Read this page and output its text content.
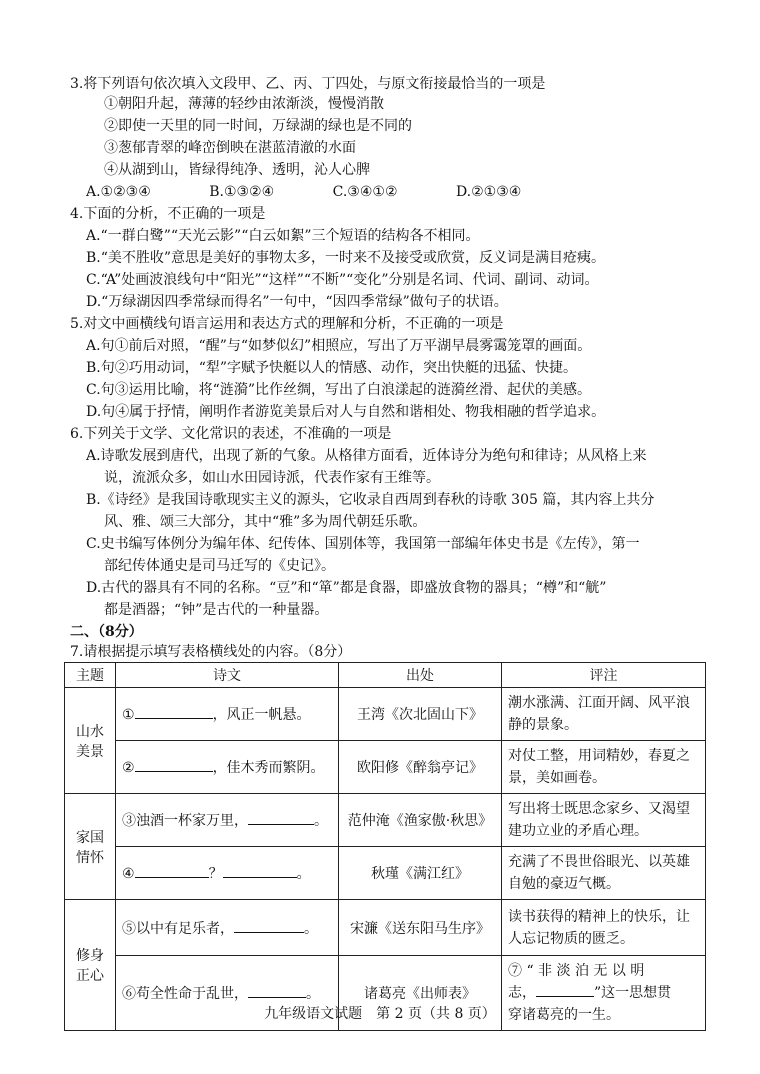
3.将下列语句依次填入文段甲、乙、丙、丁四处，与原文衔接最恰当的一项是
①朝阳升起，薄薄的轻纱由浓渐淡，慢慢消散
②即使一天里的同一时间，万绿湖的绿也是不同的
③葱郁青翠的峰峦倒映在湛蓝清澈的水面
④从湖到山，皆绿得纯净、透明，沁人心脾
A.①②③④	B.①③②④	C.③④①②	D.②①③④
4.下面的分析，不正确的一项是
A.“一群白鹭”“天光云影”“白云如絮”三个短语的结构各不相同。
B.“美不胜收”意思是美好的事物太多，一时来不及接受或欣赏，反义词是满目疮痍。
C.“A”处画波浪线句中“阳光”“这样”“不断”“变化”分别是名词、代词、副词、动词。
D.“万绿湖因四季常绿而得名”一句中，“因四季常绿”做句子的状语。
5.对文中画横线句语言运用和表达方式的理解和分析，不正确的一项是
A.句①前后对照，“醒”与“如梦似幻”相照应，写出了万平湖早晨雾霭笼罩的画面。
B.句②巧用动词，“犁”字赋予快艇以人的情感、动作，突出快艇的迅猛、快捷。
C.句③运用比喻，将“涟漪”比作丝绸，写出了白浪漾起的涟漪丝滑、起伏的美感。
D.句④属于抒情，阐明作者游览美景后对人与自然和谐相处、物我相融的哲学追求。
6.下列关于文学、文化常识的表述，不准确的一项是
A.诗歌发展到唐代，出现了新的气象。从格律方面看，近体诗分为绝句和律诗；从风格上来
说，流派众多，如山水田园诗派，代表作家有王维等。
B.《诗经》是我国诗歌现实主义的源头，它收录自西周到春秋的诗歌 305 篇，其内容上共分
风、雅、颂三大部分，其中“雅”多为周代朝廷乐歌。
C.史书编写体例分为编年体、纪传体、国别体等，我国第一部编年体史书是《左传》，第一
部纪传体通史是司马迁写的《史记》。
D.古代的器具有不同的名称。“豆”和“箪”都是食器，即盛放食物的器具；“樽”和“觥”
都是酒器；“钟”是古代的一种量器。
二、（8分）
7.请根据提示填写表格横线处的内容。（8分）
主题	诗文	出处	评注
山水
美景	① ，风正一帆悬。	王湾《次北固山下》	潮水涨满、江面开阔、风平浪静的景象。
	② ，佳木秀而繁阴。	欧阳修《醉翁亭记》	对仗工整，用词精妙，春夏之景，美如画卷。
家国
情怀	③浊酒一杯家万里， 。	范仲淹《渔家傲·秋思》	写出将士既思念家乡、又渴望建功立业的矛盾心理。
	④ ？ 。	秋瑾《满江红》	充满了不畏世俗眼光、以英雄自勉的豪迈气概。
修身
正心	⑤以中有足乐者， 。	宋濂《送东阳马生序》	读书获得的精神上的快乐，让人忘记物质的匮乏。
	⑥苟全性命于乱世， 。	诸葛亮《出师表》	⑦ “ 非 淡 泊 无 以 明
志， ”这一思想贯
穿诸葛亮的一生。
九年级语文试题　第 2 页（共 8 页）
